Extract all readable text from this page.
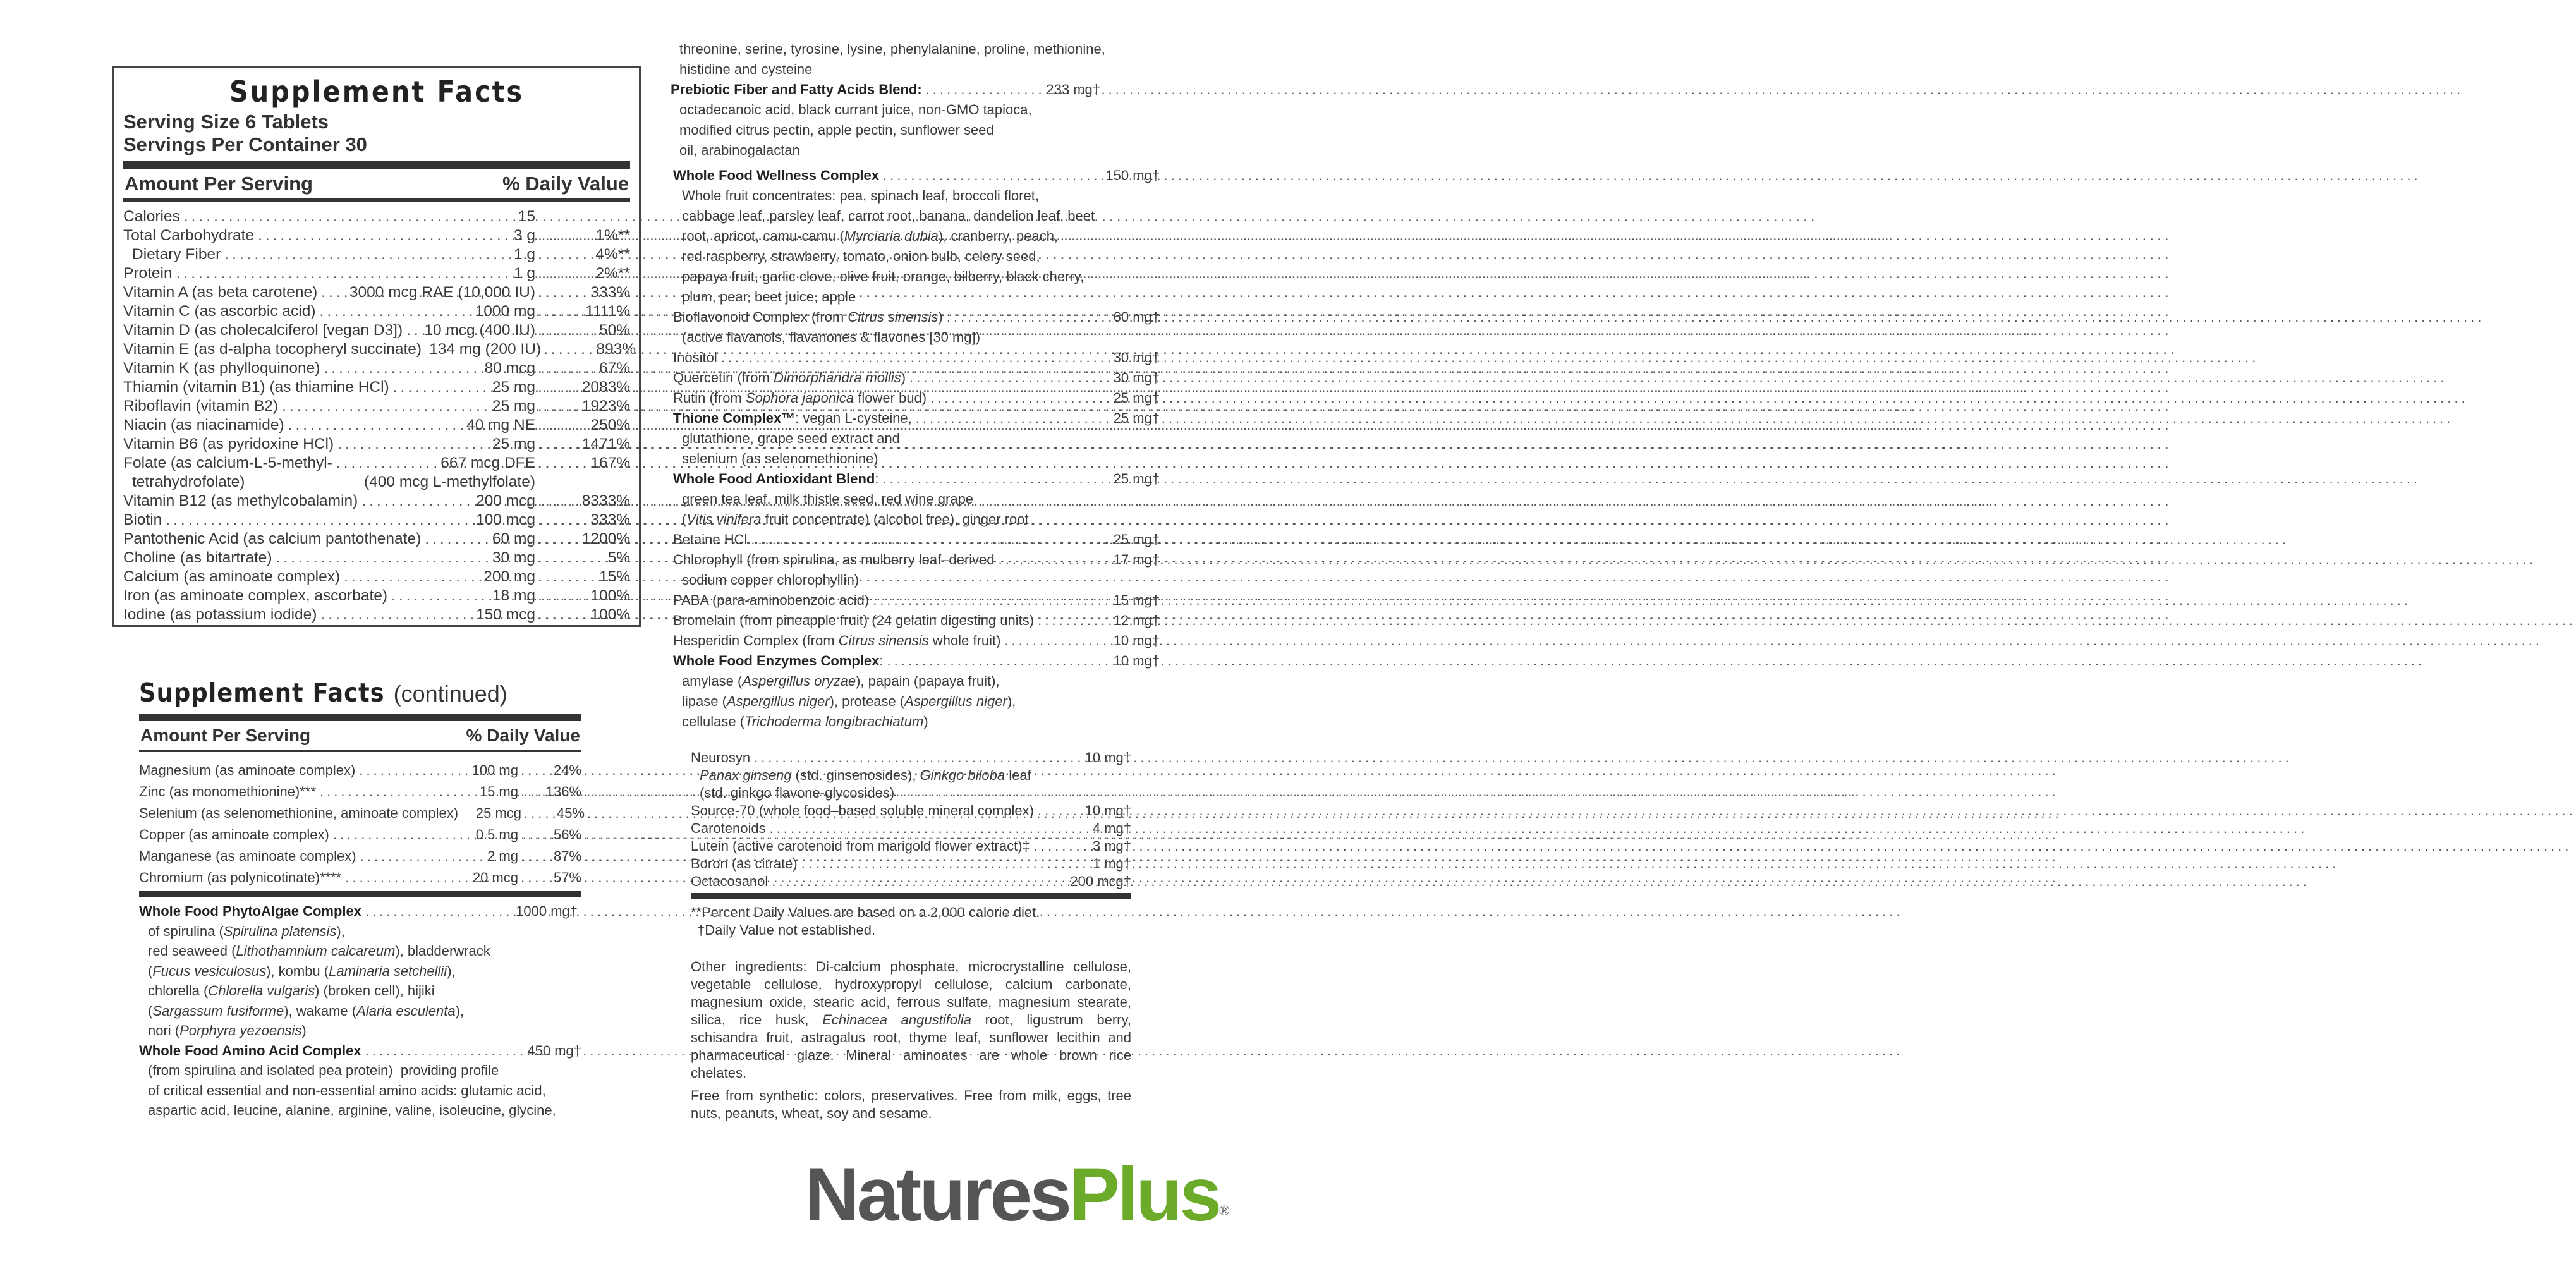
Supplement Facts
Serving Size 6 Tablets
Servings Per Container 30
Amount Per Serving	% Daily Value
Calories .....	15
Total Carbohydrate .....	3 g .....	1%**
Dietary Fiber .....	1 g .....	4%**
Protein .....	1 g .....	2%**
Vitamin A (as beta carotene) ..... 3000 mcg RAE (10,000 IU) .....	333%
Vitamin C (as ascorbic acid) .....	1000 mg .....	1111%
Vitamin D (as cholecalciferol [vegan D3]) ..... 10 mcg (400 IU) .....	50%
Vitamin E (as d-alpha tocopheryl succinate) 134 mg (200 IU) .....	893%
Vitamin K (as phylloquinone) .....	80 mcg .....	67%
Thiamin (vitamin B1) (as thiamine HCl) .....	25 mg .....	2083%
Riboflavin (vitamin B2) .....	25 mg .....	1923%
Niacin (as niacinamide) .....	40 mg NE .....	250%
Vitamin B6 (as pyridoxine HCl) .....	25 mg .....	1471%
Folate (as calcium-L-5-methyl- .....	667 mcg DFE .....	167%
tetrahydrofolate)	(400 mcg L-methylfolate)
Vitamin B12 (as methylcobalamin) .....	200 mcg .....	8333%
Biotin .....	100 mcg .....	333%
Pantothenic Acid (as calcium pantothenate) .....	60 mg .....	1200%
Choline (as bitartrate) .....	30 mg .....	5%
Calcium (as aminoate complex) .....	200 mg .....	15%
Iron (as aminoate complex, ascorbate) .....	18 mg .....	100%
Iodine (as potassium iodide) .....	150 mcg .....	100%
Supplement Facts (continued)
Amount Per Serving	% Daily Value
Magnesium (as aminoate complex) .....	100 mg .....	24%
Zinc (as monomethionine)*** .....	15 mg ..... 136%
Selenium (as selenomethionine, aminoate complex)	25 mcg .....	45%
Copper (as aminoate complex) .....	0.5 mg .....	56%
Manganese (as aminoate complex) .....	2 mg .....	87%
Chromium (as polynicotinate)**** .....	20 mcg .....	57%
Whole Food PhytoAlgae Complex .....	1000 mg†
of spirulina (Spirulina platensis),
red seaweed (Lithothamnium calcareum), bladderwrack
(Fucus vesiculosus), kombu (Laminaria setchellii),
chlorella (Chlorella vulgaris) (broken cell), hijiki
(Sargassum fusiforme), wakame (Alaria esculenta),
nori (Porphyra yezoensis)
Whole Food Amino Acid Complex .....	450 mg†
(from spirulina and isolated pea protein)  providing profile
of critical essential and non-essential amino acids: glutamic acid,
aspartic acid, leucine, alanine, arginine, valine, isoleucine, glycine,
threonine, serine, tyrosine, lysine, phenylalanine, proline, methionine,
histidine and cysteine
Prebiotic Fiber and Fatty Acids Blend: .....	233 mg†
octadecanoic acid, black currant juice, non-GMO tapioca,
modified citrus pectin, apple pectin, sunflower seed
oil, arabinogalactan
Whole Food Wellness Complex .....	150 mg†
Whole fruit concentrates: pea, spinach leaf, broccoli floret,
cabbage leaf, parsley leaf, carrot root, banana, dandelion leaf, beet
root, apricot, camu-camu (Myrciaria dubia), cranberry, peach,
red raspberry, strawberry, tomato, onion bulb, celery seed,
papaya fruit, garlic clove, olive fruit, orange, bilberry, black cherry,
plum, pear, beet juice, apple
Bioflavonoid Complex (from Citrus sinensis) .....	60 mg†
(active flavanols, flavanones & flavones [30 mg])
Inositol .....	30 mg†
Quercetin (from Dimorphandra mollis) .....	30 mg†
Rutin (from Sophora japonica flower bud) .....	25 mg†
Thione Complex™: vegan L-cysteine, .....	25 mg†
glutathione, grape seed extract and
selenium (as selenomethionine)
Whole Food Antioxidant Blend: .....	25 mg†
green tea leaf, milk thistle seed, red wine grape
(Vitis vinifera fruit concentrate) (alcohol free), ginger root
Betaine HCl .....	25 mg†
Chlorophyll (from spirulina, as mulberry leaf–derived .....	17 mg†
sodium copper chlorophyllin)
PABA (para-aminobenzoic acid) .....	15 mg†
Bromelain (from pineapple fruit) (24 gelatin digesting units) .....	12 mg†
Hesperidin Complex (from Citrus sinensis whole fruit) .....	10 mg†
Whole Food Enzymes Complex: .....	10 mg†
amylase (Aspergillus oryzae), papain (papaya fruit),
lipase (Aspergillus niger), protease (Aspergillus niger),
cellulase (Trichoderma longibrachiatum)
Neurosyn .....	10 mg†
Panax ginseng (std. ginsenosides), Ginkgo biloba leaf
(std. ginkgo flavone-glycosides)
Source-70 (whole food–based soluble mineral complex) .....	10 mg†
Carotenoids .....	4 mg†
Lutein (active carotenoid from marigold flower extract)‡ .....	3 mg†
Boron (as citrate) .....	1 mg†
Octacosanol .....	200 mcg†
**Percent Daily Values are based on a 2,000 calorie diet.
†Daily Value not established.
Other ingredients: Di-calcium phosphate, microcrystalline cellulose, vegetable cellulose, hydroxypropyl cellulose, calcium carbonate, magnesium oxide, stearic acid, ferrous sulfate, magnesium stearate, silica, rice husk, Echinacea angustifolia root, ligustrum berry, schisandra fruit, astragalus root, thyme leaf, sunflower lecithin and pharmaceutical glaze. Mineral aminoates are whole brown rice chelates.
Free from synthetic: colors, preservatives. Free from milk, eggs, tree nuts, peanuts, wheat, soy and sesame.
NaturesPlus®
